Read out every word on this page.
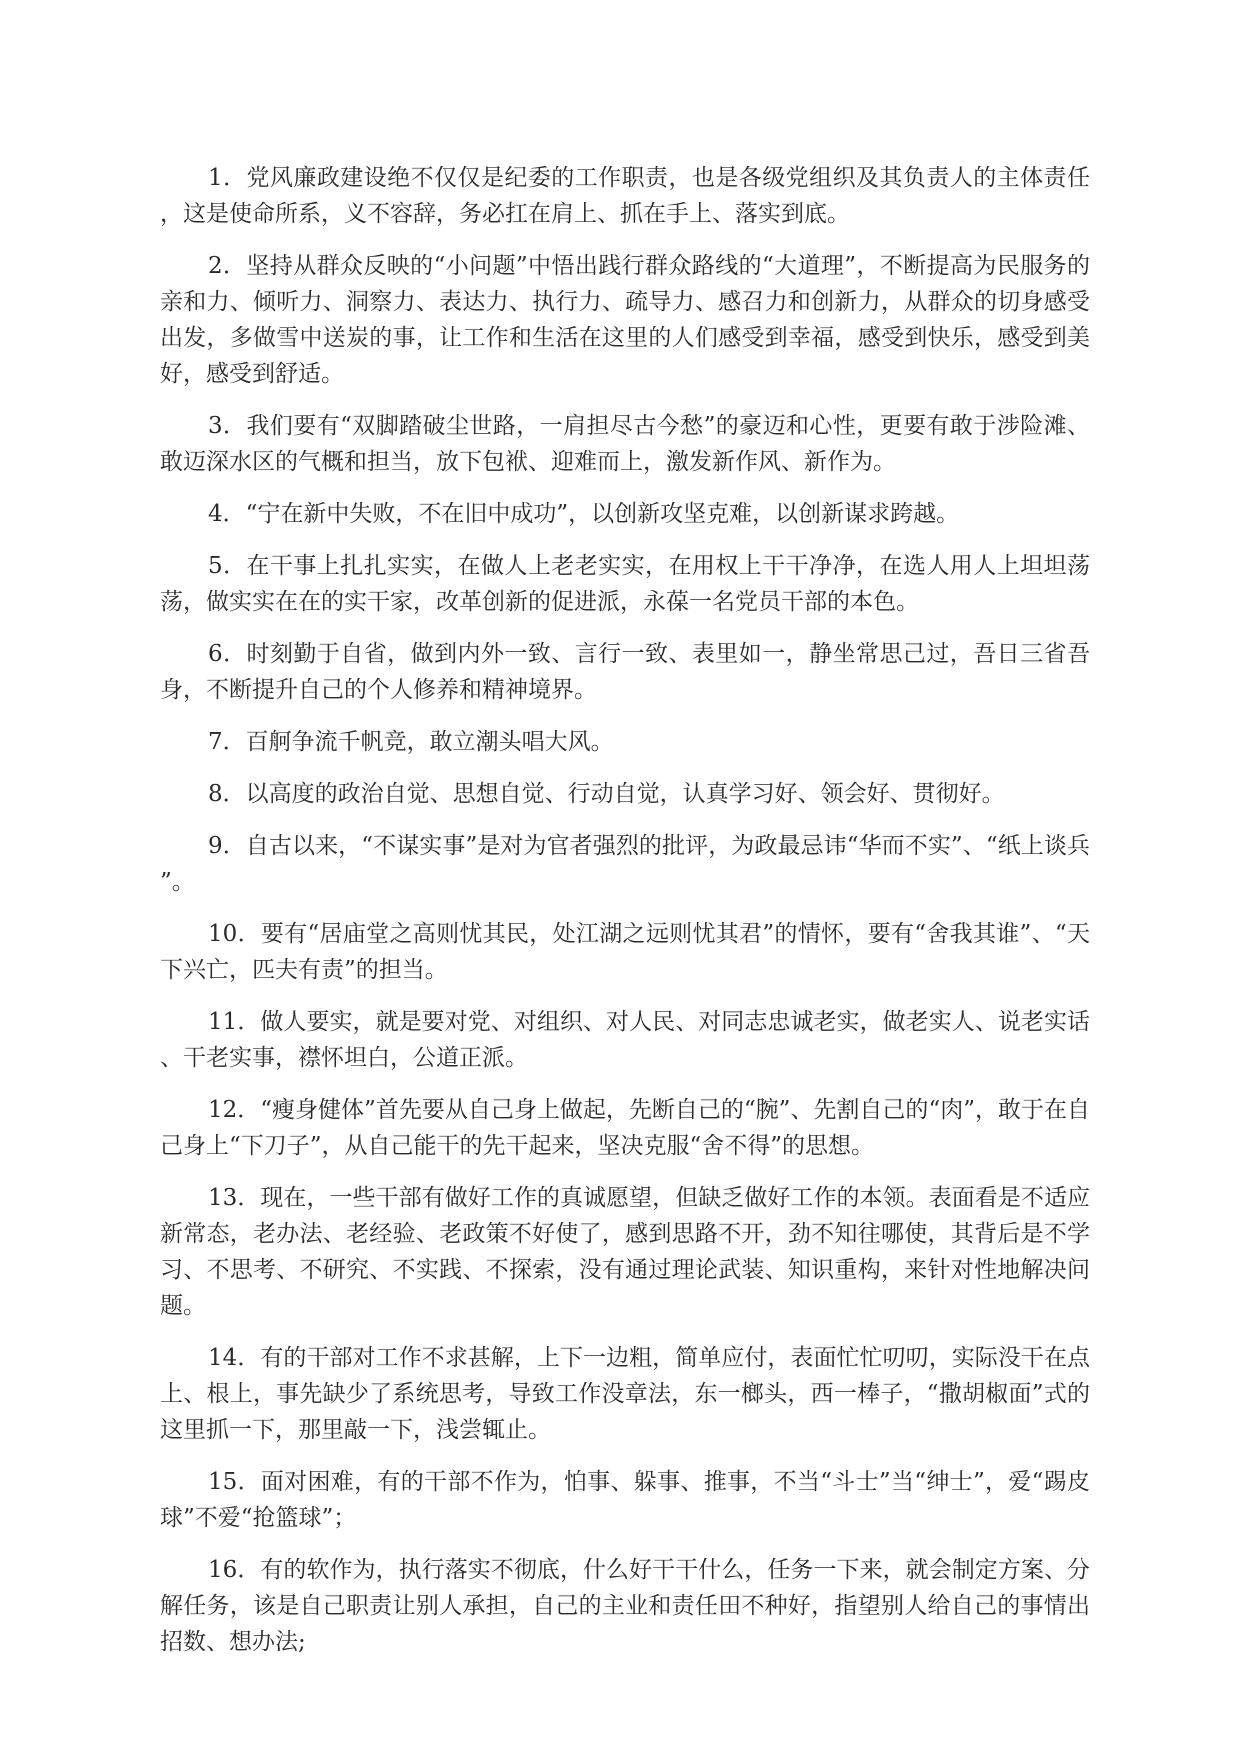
1．党风廉政建设绝不仅仅是纪委的工作职责，也是各级党组织及其负责人的主体责任，这是使命所系，义不容辞，务必扛在肩上、抓在手上、落实到底。

2．坚持从群众反映的“小问题”中悟出践行群众路线的“大道理”，不断提高为民服务的亲和力、倾听力、洞察力、表达力、执行力、疏导力、感召力和创新力，从群众的切身感受出发，多做雪中送炭的事，让工作和生活在这里的人们感受到幸福，感受到快乐，感受到美好，感受到舒适。

3．我们要有“双脚踏破尘世路，一肩担尽古今愁”的豪迈和心性，更要有敢于涉险滩、敢迈深水区的气概和担当，放下包袱、迎难而上，激发新作风、新作为。

4．“宁在新中失败，不在旧中成功”，以创新攻坚克难，以创新谋求跨越。

5．在干事上扎扎实实，在做人上老老实实，在用权上干干净净，在选人用人上坦坦荡荡，做实实在在的实干家，改革创新的促进派，永葆一名党员干部的本色。

6．时刻勤于自省，做到内外一致、言行一致、表里如一，静坐常思己过，吾日三省吾身，不断提升自己的个人修养和精神境界。

7．百舸争流千帆竞，敢立潮头唱大风。

8．以高度的政治自觉、思想自觉、行动自觉，认真学习好、领会好、贯彻好。

9．自古以来，“不谋实事”是对为官者强烈的批评，为政最忌讳“华而不实”、“纸上谈兵”。

10．要有“居庙堂之高则忧其民，处江湖之远则忧其君”的情怀，要有“舍我其谁”、“天下兴亡，匹夫有责”的担当。

11．做人要实，就是要对党、对组织、对人民、对同志忠诚老实，做老实人、说老实话、干老实事，襟怀坦白，公道正派。

12．“瘦身健体”首先要从自己身上做起，先断自己的“腕”、先割自己的“肉”，敢于在自己身上“下刀子”，从自己能干的先干起来，坚决克服“舍不得”的思想。

13．现在，一些干部有做好工作的真诚愿望，但缺乏做好工作的本领。表面看是不适应新常态，老办法、老经验、老政策不好使了，感到思路不开，劲不知往哪使，其背后是不学习、不思考、不研究、不实践、不探索，没有通过理论武装、知识重构，来针对性地解决问题。

14．有的干部对工作不求甚解，上下一边粗，简单应付，表面忙忙叨叨，实际没干在点上、根上，事先缺少了系统思考，导致工作没章法，东一榔头，西一棒子，“撒胡椒面”式的这里抓一下，那里敲一下，浅尝辄止。

15．面对困难，有的干部不作为，怕事、躲事、推事，不当“斗士”当“绅士”，爱“踢皮球”不爱“抢篮球”；

16．有的软作为，执行落实不彻底，什么好干干什么，任务一下来，就会制定方案、分解任务，该是自己职责让别人承担，自己的主业和责任田不种好，指望别人给自己的事情出招数、想办法;
